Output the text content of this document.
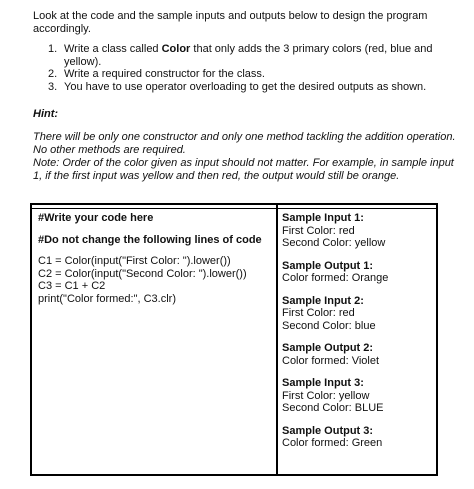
Look at the code and the sample inputs and outputs below to design the program accordingly.
1. Write a class called Color that only adds the 3 primary colors (red, blue and yellow).
2. Write a required constructor for the class.
3. You have to use operator overloading to get the desired outputs as shown.
Hint:
There will be only one constructor and only one method tackling the addition operation.
No other methods are required.
Note: Order of the color given as input should not matter. For example, in sample input
1, if the first input was yellow and then red, the output would still be orange.
#Write your code here
#Do not change the following lines of code
C1 = Color(input("First Color: ").lower())
C2 = Color(input("Second Color: ").lower())
C3 = C1 + C2
print("Color formed:", C3.clr)
Sample Input 1:
First Color: red
Second Color: yellow
Sample Output 1:
Color formed: Orange
Sample Input 2:
First Color: red
Second Color: blue
Sample Output 2:
Color formed: Violet
Sample Input 3:
First Color: yellow
Second Color: BLUE
Sample Output 3:
Color formed: Green
